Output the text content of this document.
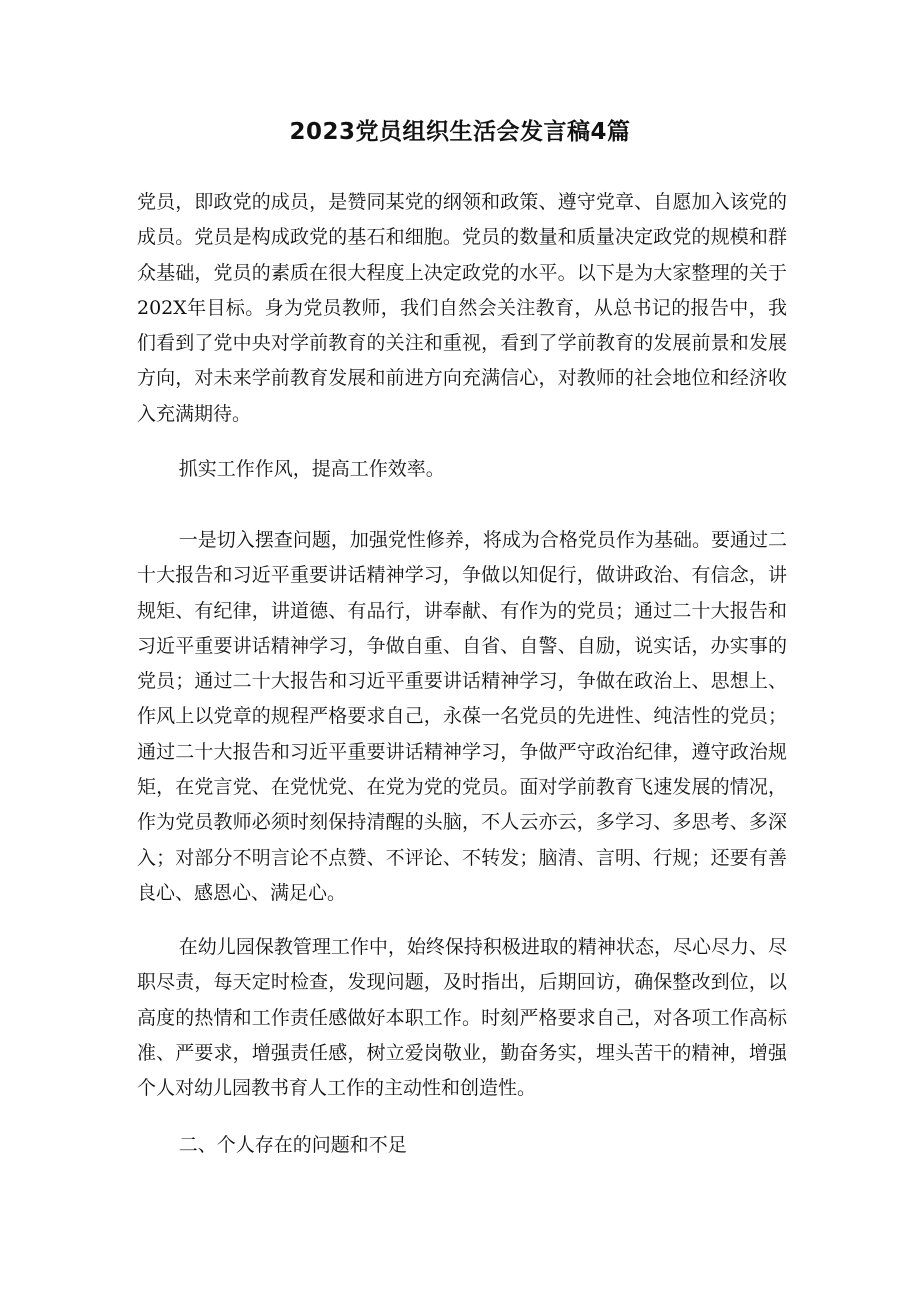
2023党员组织生活会发言稿4篇

党员，即政党的成员，是赞同某党的纲领和政策、遵守党章、自愿加入该党的成员。党员是构成政党的基石和细胞。党员的数量和质量决定政党的规模和群众基础，党员的素质在很大程度上决定政党的水平。以下是为大家整理的关于202X年目标。身为党员教师，我们自然会关注教育，从总书记的报告中，我们看到了党中央对学前教育的关注和重视，看到了学前教育的发展前景和发展方向，对未来学前教育发展和前进方向充满信心，对教师的社会地位和经济收入充满期待。

抓实工作作风，提高工作效率。

一是切入摆查问题，加强党性修养，将成为合格党员作为基础。要通过二十大报告和习近平重要讲话精神学习，争做以知促行，做讲政治、有信念，讲规矩、有纪律，讲道德、有品行，讲奉献、有作为的党员；通过二十大报告和习近平重要讲话精神学习，争做自重、自省、自警、自励，说实话，办实事的党员；通过二十大报告和习近平重要讲话精神学习，争做在政治上、思想上、作风上以党章的规程严格要求自己，永葆一名党员的先进性、纯洁性的党员；通过二十大报告和习近平重要讲话精神学习，争做严守政治纪律，遵守政治规矩，在党言党、在党忧党、在党为党的党员。面对学前教育飞速发展的情况，作为党员教师必须时刻保持清醒的头脑，不人云亦云，多学习、多思考、多深入；对部分不明言论不点赞、不评论、不转发；脑清、言明、行规；还要有善良心、感恩心、满足心。

在幼儿园保教管理工作中，始终保持积极进取的精神状态，尽心尽力、尽职尽责，每天定时检查，发现问题，及时指出，后期回访，确保整改到位，以高度的热情和工作责任感做好本职工作。时刻严格要求自己，对各项工作高标准、严要求，增强责任感，树立爱岗敬业，勤奋务实，埋头苦干的精神，增强个人对幼儿园教书育人工作的主动性和创造性。

二、个人存在的问题和不足
